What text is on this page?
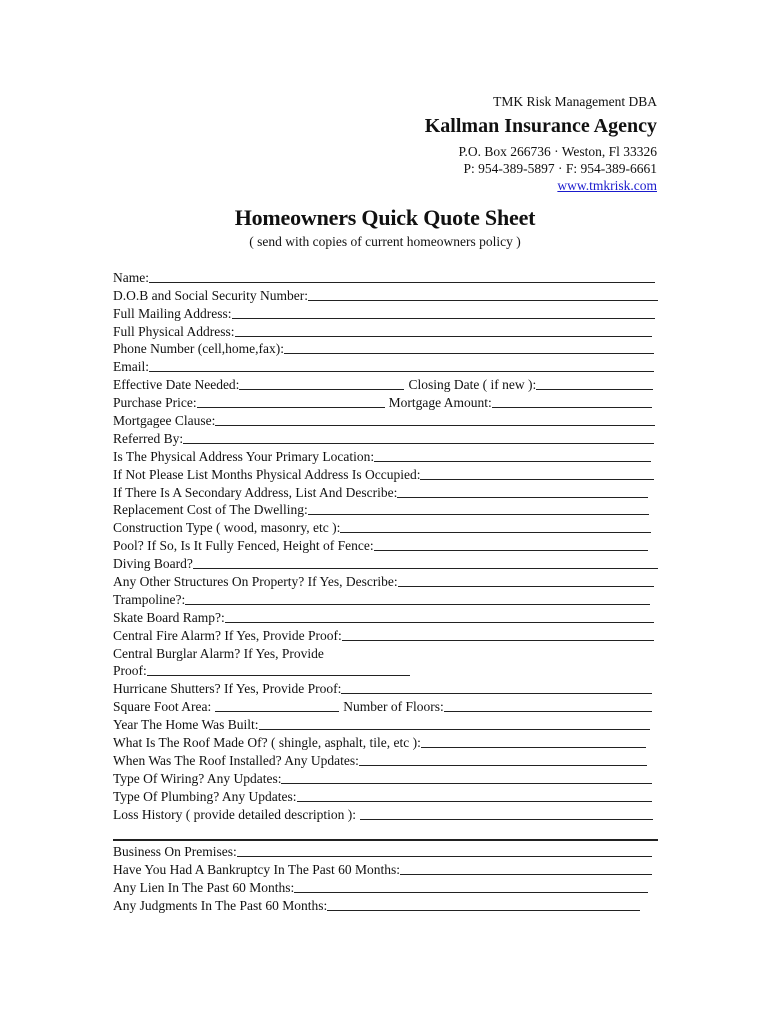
TMK Risk Management DBA
Kallman Insurance Agency
P.O. Box 266736 · Weston, Fl 33326
P: 954-389-5897 · F: 954-389-6661
www.tmkrisk.com
Homeowners Quick Quote Sheet
( send with copies of current homeowners policy )
Name:
D.O.B and Social Security Number:
Full Mailing Address:
Full Physical Address:
Phone Number (cell,home,fax):
Email:
Effective Date Needed:	Closing Date ( if new ):
Purchase Price:	Mortgage Amount:
Mortgagee Clause:
Referred By:
Is The Physical Address Your Primary Location:
If Not Please List Months Physical Address Is Occupied:
If There Is A Secondary Address, List And Describe:
Replacement Cost of The Dwelling:
Construction Type ( wood, masonry, etc ):
Pool? If So, Is It Fully Fenced, Height of Fence:
Diving Board?
Any Other Structures On Property? If Yes, Describe:
Trampoline?:
Skate Board Ramp?:
Central Fire Alarm? If Yes, Provide Proof:
Central Burglar Alarm? If Yes, Provide
Proof:
Hurricane Shutters? If Yes, Provide Proof:
Square Foot Area:	Number of Floors:
Year The Home Was Built:
What Is The Roof Made Of? ( shingle, asphalt, tile, etc ):
When Was The Roof Installed? Any Updates:
Type Of Wiring? Any Updates:
Type Of Plumbing? Any Updates:
Loss History ( provide detailed description ):
Business On Premises:
Have You Had A Bankruptcy In The Past 60 Months:
Any Lien In The Past 60 Months:
Any Judgments In The Past 60 Months:
